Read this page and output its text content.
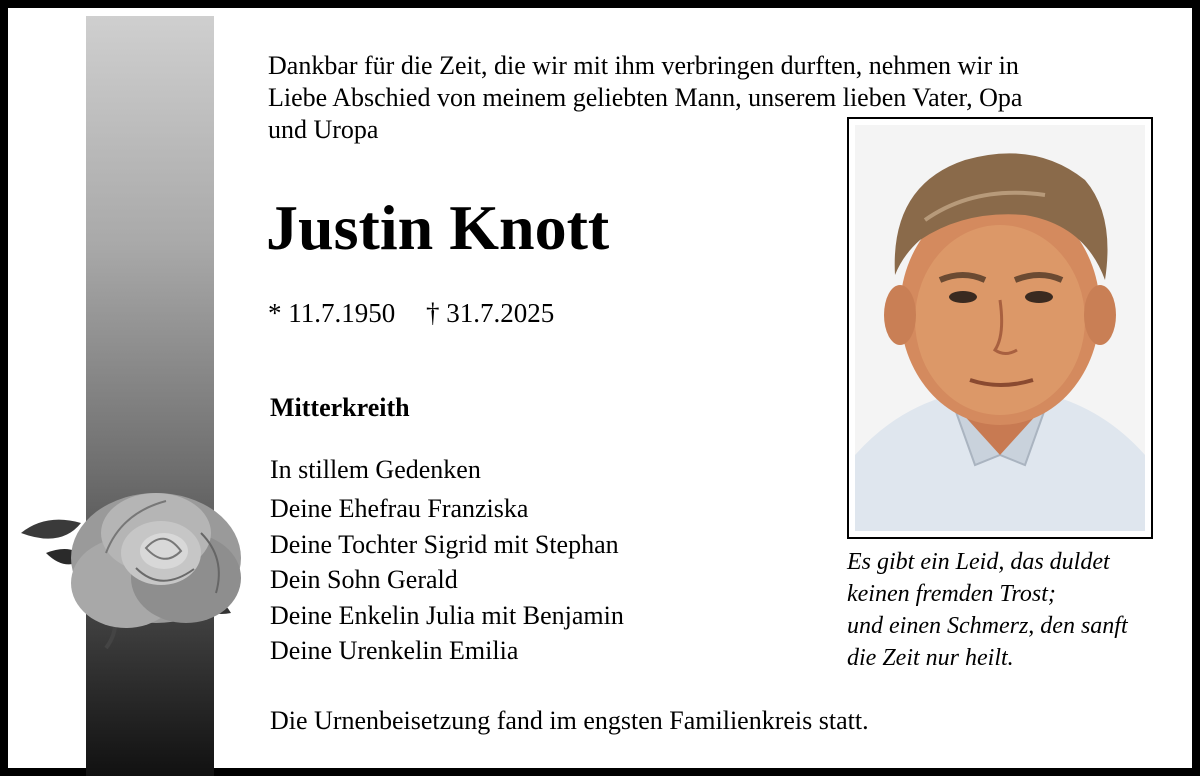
Dankbar für die Zeit, die wir mit ihm verbringen durften, nehmen wir in
Liebe Abschied von meinem geliebten Mann, unserem lieben Vater, Opa
und Uropa

Justin Knott
* 11.7.1950 † 31.7.2025
Mitterkreith
In stillem Gedenken
Deine Ehefrau Franziska
Deine Tochter Sigrid mit Stephan
Dein Sohn Gerald
Deine Enkelin Julia mit Benjamin
Deine Urenkelin Emilia
Die Urnenbeisetzung fand im engsten Familienkreis statt.
Es gibt ein Leid, das duldet
keinen fremden Trost;
und einen Schmerz, den sanft
die Zeit nur heilt.
